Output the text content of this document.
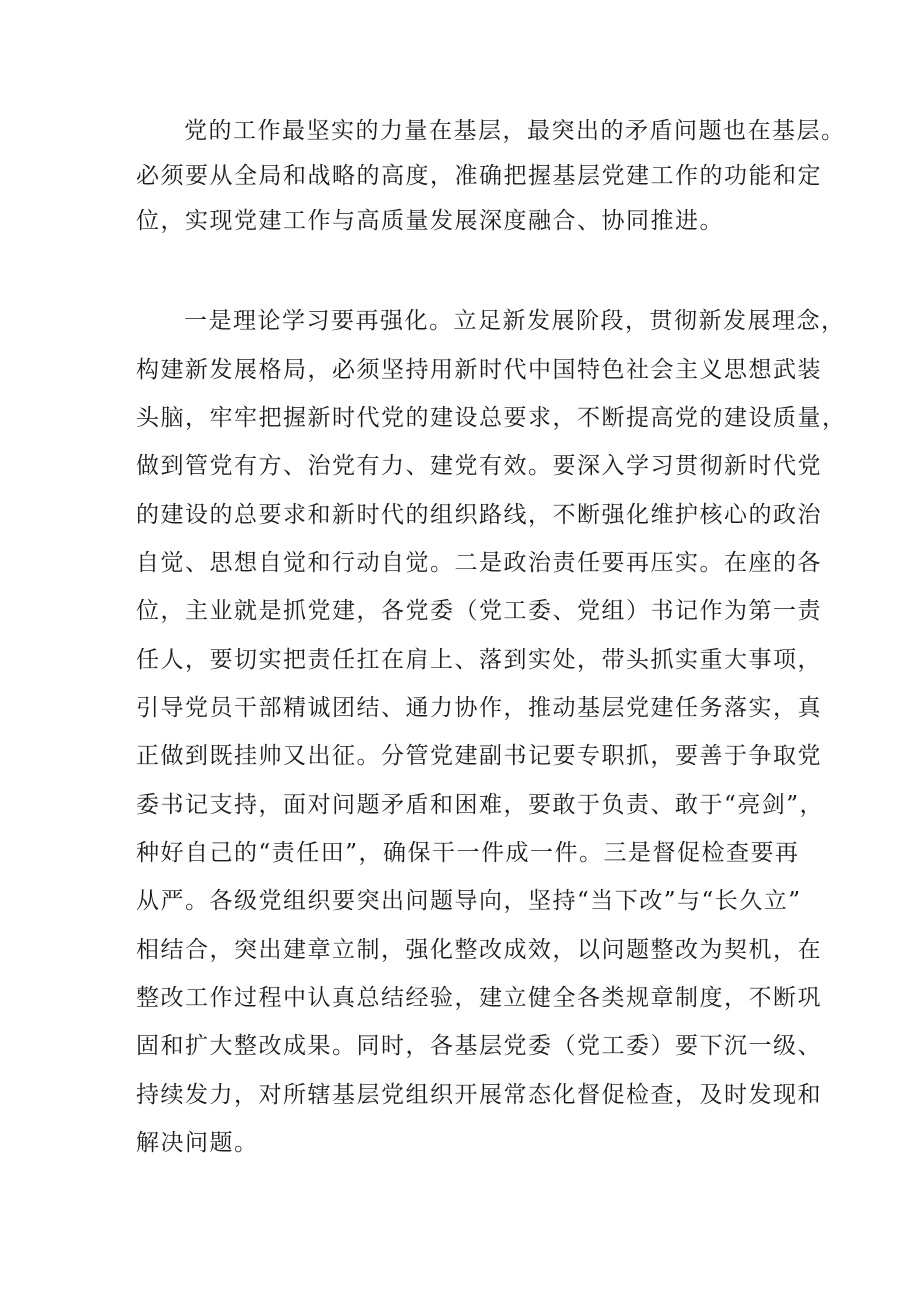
党的工作最坚实的力量在基层，最突出的矛盾问题也在基层。
必须要从全局和战略的高度，准确把握基层党建工作的功能和定
位，实现党建工作与高质量发展深度融合、协同推进。
一是理论学习要再强化。立足新发展阶段，贯彻新发展理念，
构建新发展格局，必须坚持用新时代中国特色社会主义思想武装
头脑，牢牢把握新时代党的建设总要求，不断提高党的建设质量，
做到管党有方、治党有力、建党有效。要深入学习贯彻新时代党
的建设的总要求和新时代的组织路线，不断强化维护核心的政治
自觉、思想自觉和行动自觉。二是政治责任要再压实。在座的各
位，主业就是抓党建，各党委（党工委、党组）书记作为第一责
任人，要切实把责任扛在肩上、落到实处，带头抓实重大事项，
引导党员干部精诚团结、通力协作，推动基层党建任务落实，真
正做到既挂帅又出征。分管党建副书记要专职抓，要善于争取党
委书记支持，面对问题矛盾和困难，要敢于负责、敢于“亮剑”，
种好自己的“责任田”，确保干一件成一件。三是督促检查要再
从严。各级党组织要突出问题导向，坚持“当下改”与“长久立”
相结合，突出建章立制，强化整改成效，以问题整改为契机，在
整改工作过程中认真总结经验，建立健全各类规章制度，不断巩
固和扩大整改成果。同时，各基层党委（党工委）要下沉一级、
持续发力，对所辖基层党组织开展常态化督促检查，及时发现和
解决问题。
